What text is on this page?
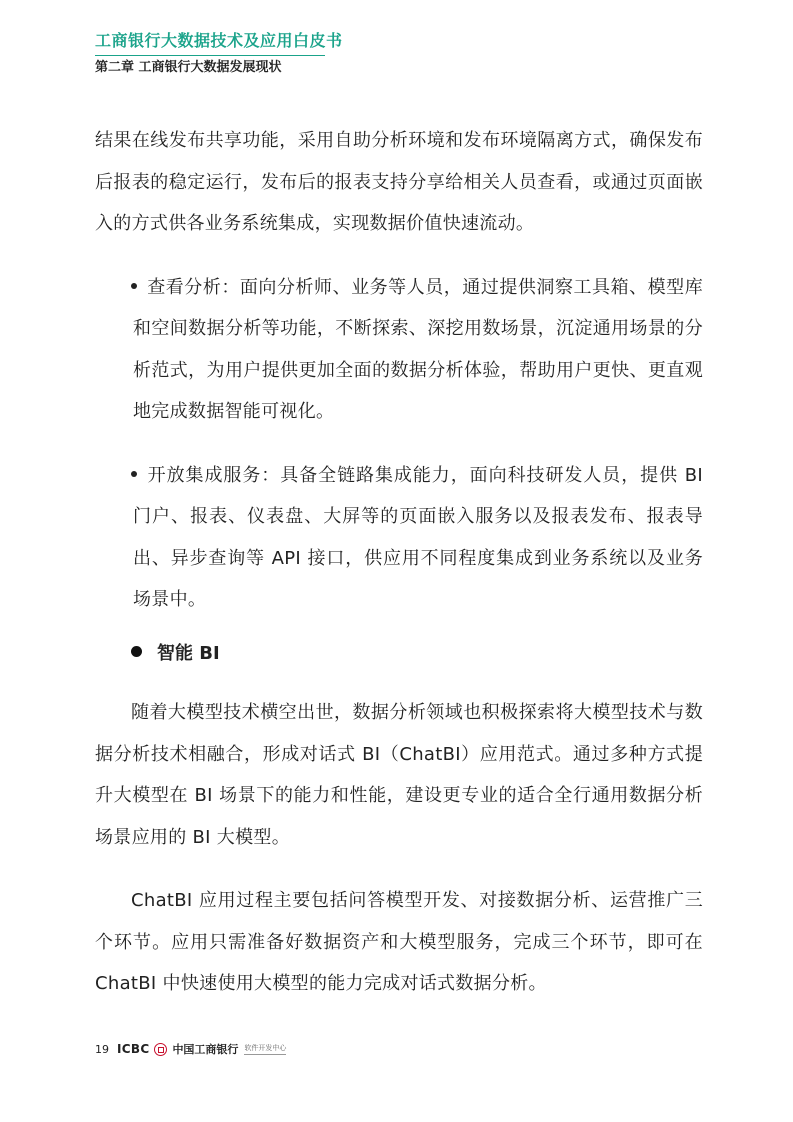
工商银行大数据技术及应用白皮书
第二章 工商银行大数据发展现状

结果在线发布共享功能，采用自助分析环境和发布环境隔离方式，确保发布后报表的稳定运行，发布后的报表支持分享给相关人员查看，或通过页面嵌入的方式供各业务系统集成，实现数据价值快速流动。

查看分析：面向分析师、业务等人员，通过提供洞察工具箱、模型库和空间数据分析等功能，不断探索、深挖用数场景，沉淀通用场景的分析范式，为用户提供更加全面的数据分析体验，帮助用户更快、更直观地完成数据智能可视化。

开放集成服务：具备全链路集成能力，面向科技研发人员，提供 BI 门户、报表、仪表盘、大屏等的页面嵌入服务以及报表发布、报表导出、异步查询等 API 接口，供应用不同程度集成到业务系统以及业务场景中。

智能 BI

随着大模型技术横空出世，数据分析领域也积极探索将大模型技术与数据分析技术相融合，形成对话式 BI（ChatBI）应用范式。通过多种方式提升大模型在 BI 场景下的能力和性能，建设更专业的适合全行通用数据分析场景应用的 BI 大模型。

ChatBI 应用过程主要包括问答模型开发、对接数据分析、运营推广三个环节。应用只需准备好数据资产和大模型服务，完成三个环节，即可在 ChatBI 中快速使用大模型的能力完成对话式数据分析。

19 ICBC 中国工商银行 软件开发中心
